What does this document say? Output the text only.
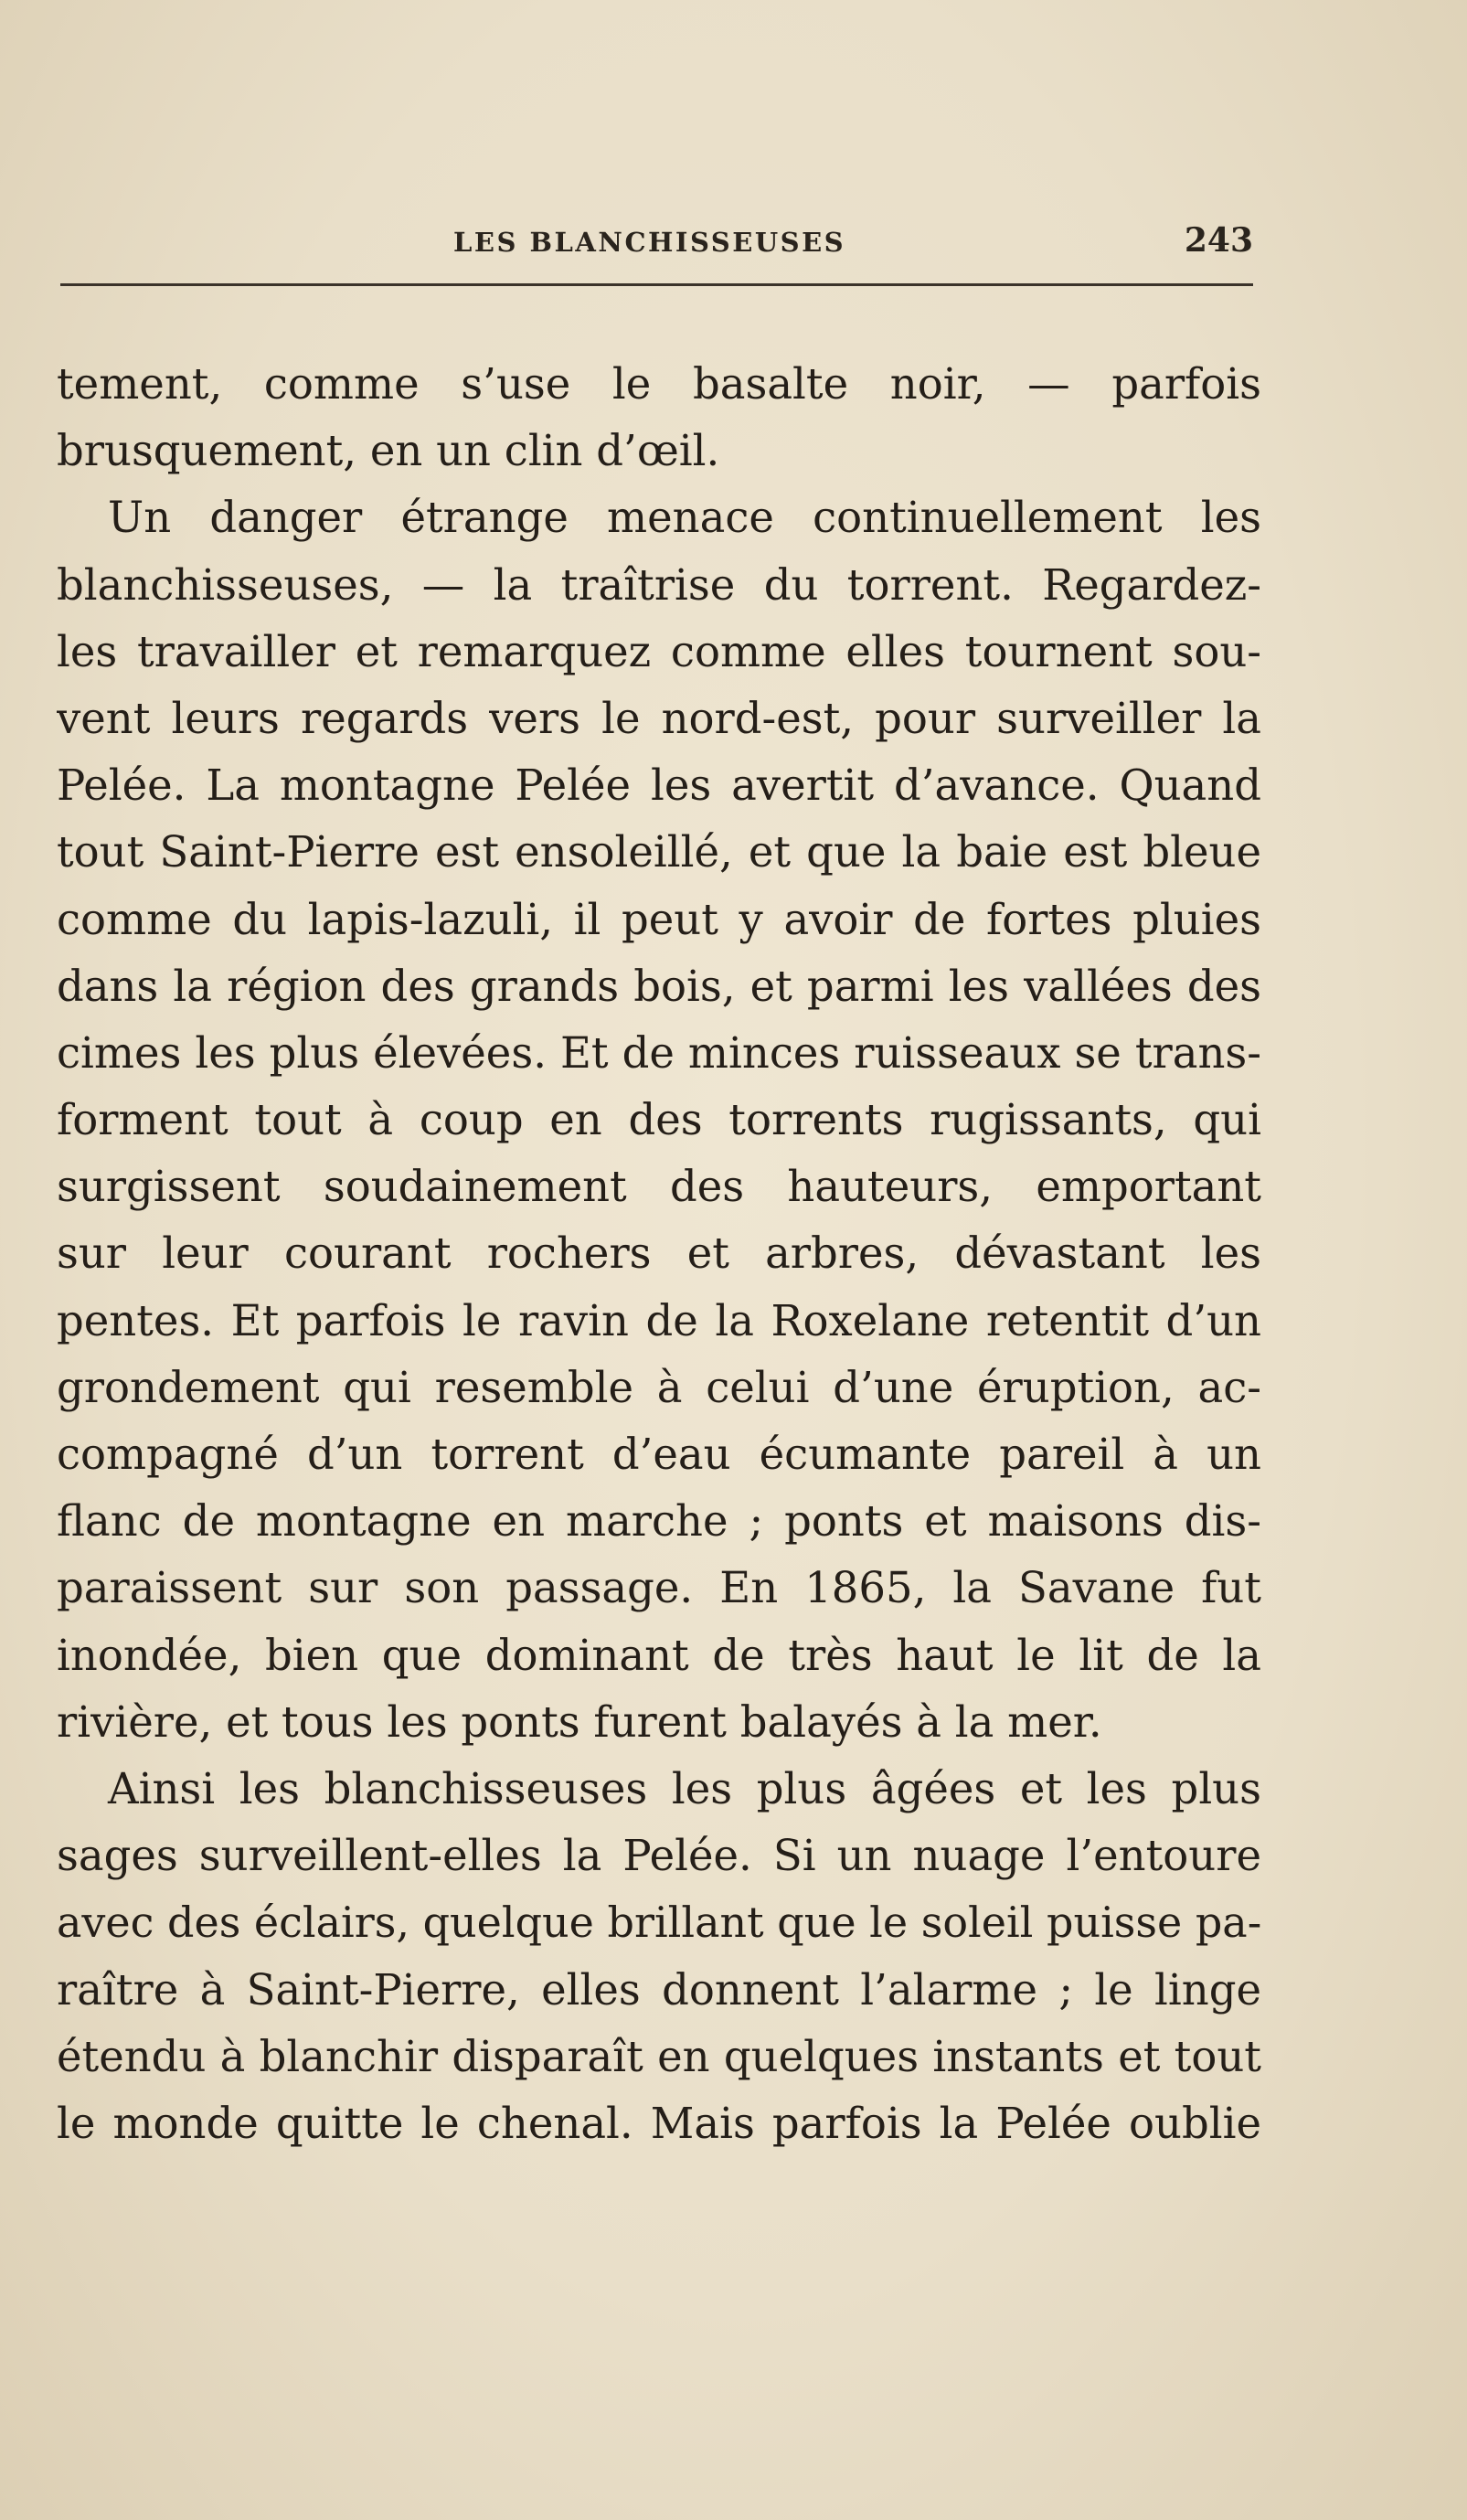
LES BLANCHISSEUSES	243
tement, comme s’use le basalte noir, — parfois
brusquement, en un clin d’œil.
Un danger étrange menace continuellement les
blanchisseuses, — la traîtrise du torrent. Regardez-
les travailler et remarquez comme elles tournent sou-
vent leurs regards vers le nord-est, pour surveiller la
Pelée. La montagne Pelée les avertit d’avance. Quand
tout Saint-Pierre est ensoleillé, et que la baie est bleue
comme du lapis-lazuli, il peut y avoir de fortes pluies
dans la région des grands bois, et parmi les vallées des
cimes les plus élevées. Et de minces ruisseaux se trans-
forment tout à coup en des torrents rugissants, qui
surgissent soudainement des hauteurs, emportant
sur leur courant rochers et arbres, dévastant les
pentes. Et parfois le ravin de la Roxelane retentit d’un
grondement qui resemble à celui d’une éruption, ac-
compagné d’un torrent d’eau écumante pareil à un
flanc de montagne en marche ; ponts et maisons dis-
paraissent sur son passage. En 1865, la Savane fut
inondée, bien que dominant de très haut le lit de la
rivière, et tous les ponts furent balayés à la mer.
Ainsi les blanchisseuses les plus âgées et les plus
sages surveillent-elles la Pelée. Si un nuage l’entoure
avec des éclairs, quelque brillant que le soleil puisse pa-
raître à Saint-Pierre, elles donnent l’alarme ; le linge
étendu à blanchir disparaît en quelques instants et tout
le monde quitte le chenal. Mais parfois la Pelée oublie
